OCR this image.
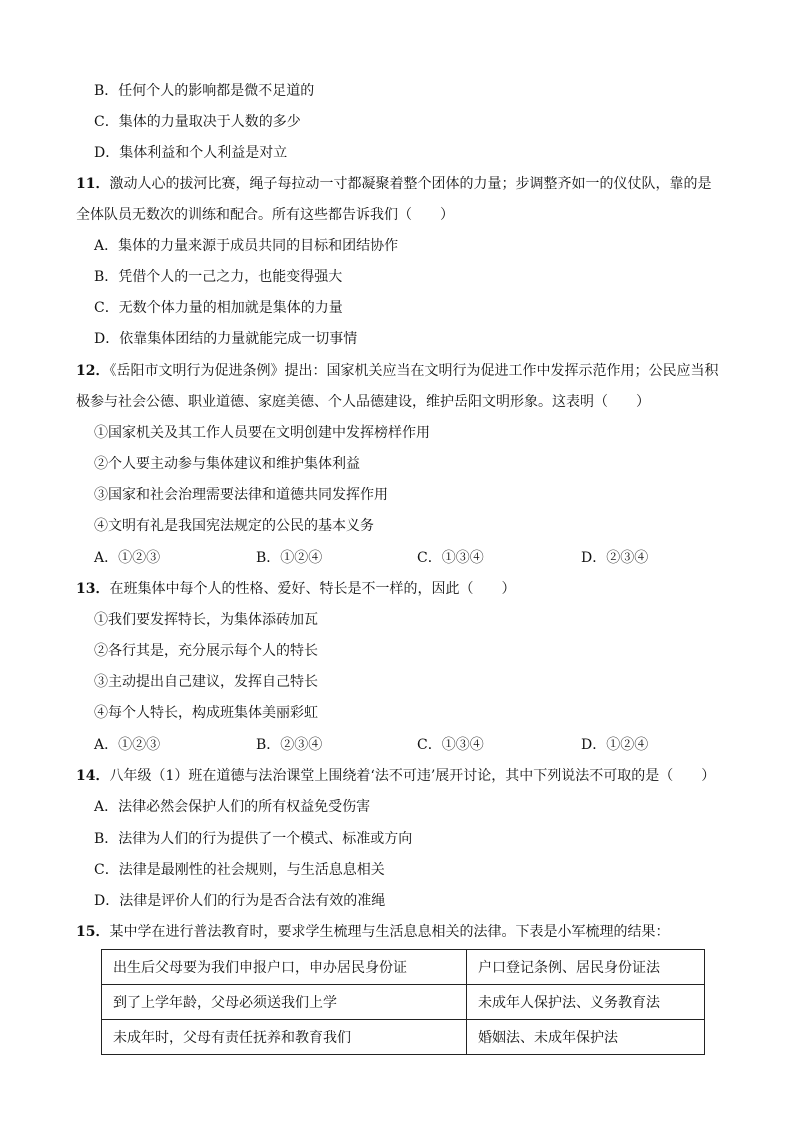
B．任何个人的影响都是微不足道的
C．集体的力量取决于人数的多少
D．集体利益和个人利益是对立
11．激动人心的拔河比赛，绳子每拉动一寸都凝聚着整个团体的力量；步调整齐如一的仪仗队，靠的是
全体队员无数次的训练和配合。所有这些都告诉我们（　　）
A．集体的力量来源于成员共同的目标和团结协作
B．凭借个人的一己之力，也能变得强大
C．无数个体力量的相加就是集体的力量
D．依靠集体团结的力量就能完成一切事情
12．《岳阳市文明行为促进条例》提出：国家机关应当在文明行为促进工作中发挥示范作用；公民应当积
极参与社会公德、职业道德、家庭美德、个人品德建设，维护岳阳文明形象。这表明（　　）
①国家机关及其工作人员要在文明创建中发挥榜样作用
②个人要主动参与集体建议和维护集体利益
③国家和社会治理需要法律和道德共同发挥作用
④文明有礼是我国宪法规定的公民的基本义务
A．①②③	B．①②④	C．①③④	D．②③④
13．在班集体中每个人的性格、爱好、特长是不一样的，因此（　　）
①我们要发挥特长，为集体添砖加瓦
②各行其是，充分展示每个人的特长
③主动提出自己建议，发挥自己特长
④每个人特长，构成班集体美丽彩虹
A．①②③	B．②③④	C．①③④	D．①②④
14．八年级（1）班在道德与法治课堂上围绕着‘法不可违’展开讨论，其中下列说法不可取的是（　　）
A．法律必然会保护人们的所有权益免受伤害
B．法律为人们的行为提供了一个模式、标准或方向
C．法律是最刚性的社会规则，与生活息息相关
D．法律是评价人们的行为是否合法有效的准绳
15．某中学在进行普法教育时，要求学生梳理与生活息息相关的法律。下表是小军梳理的结果：
出生后父母要为我们申报户口，申办居民身份证	户口登记条例、居民身份证法
到了上学年龄，父母必须送我们上学	未成年人保护法、义务教育法
未成年时，父母有责任抚养和教育我们	婚姻法、未成年保护法
